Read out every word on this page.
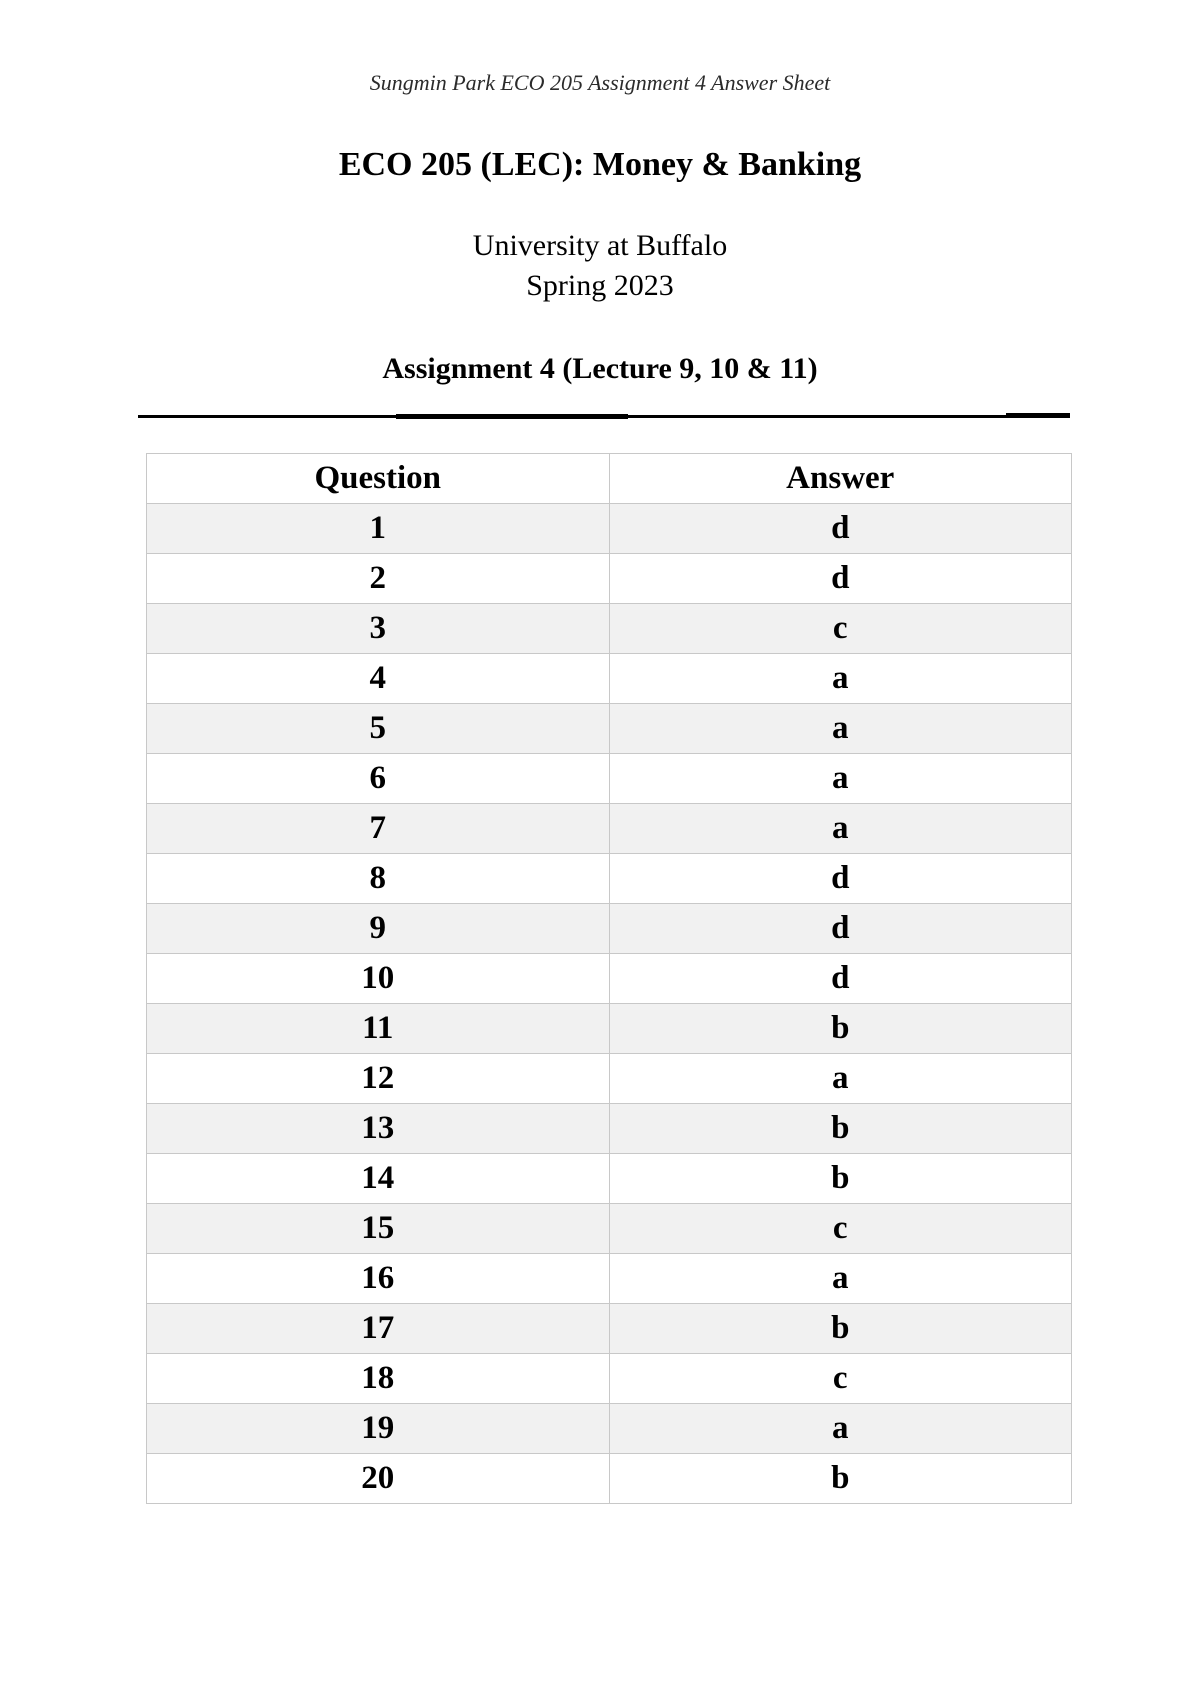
Sungmin Park ECO 205 Assignment 4 Answer Sheet
ECO 205 (LEC): Money & Banking
University at Buffalo
Spring 2023
Assignment 4 (Lecture 9, 10 & 11)
Question	Answer
1	d
2	d
3	c
4	a
5	a
6	a
7	a
8	d
9	d
10	d
11	b
12	a
13	b
14	b
15	c
16	a
17	b
18	c
19	a
20	b
